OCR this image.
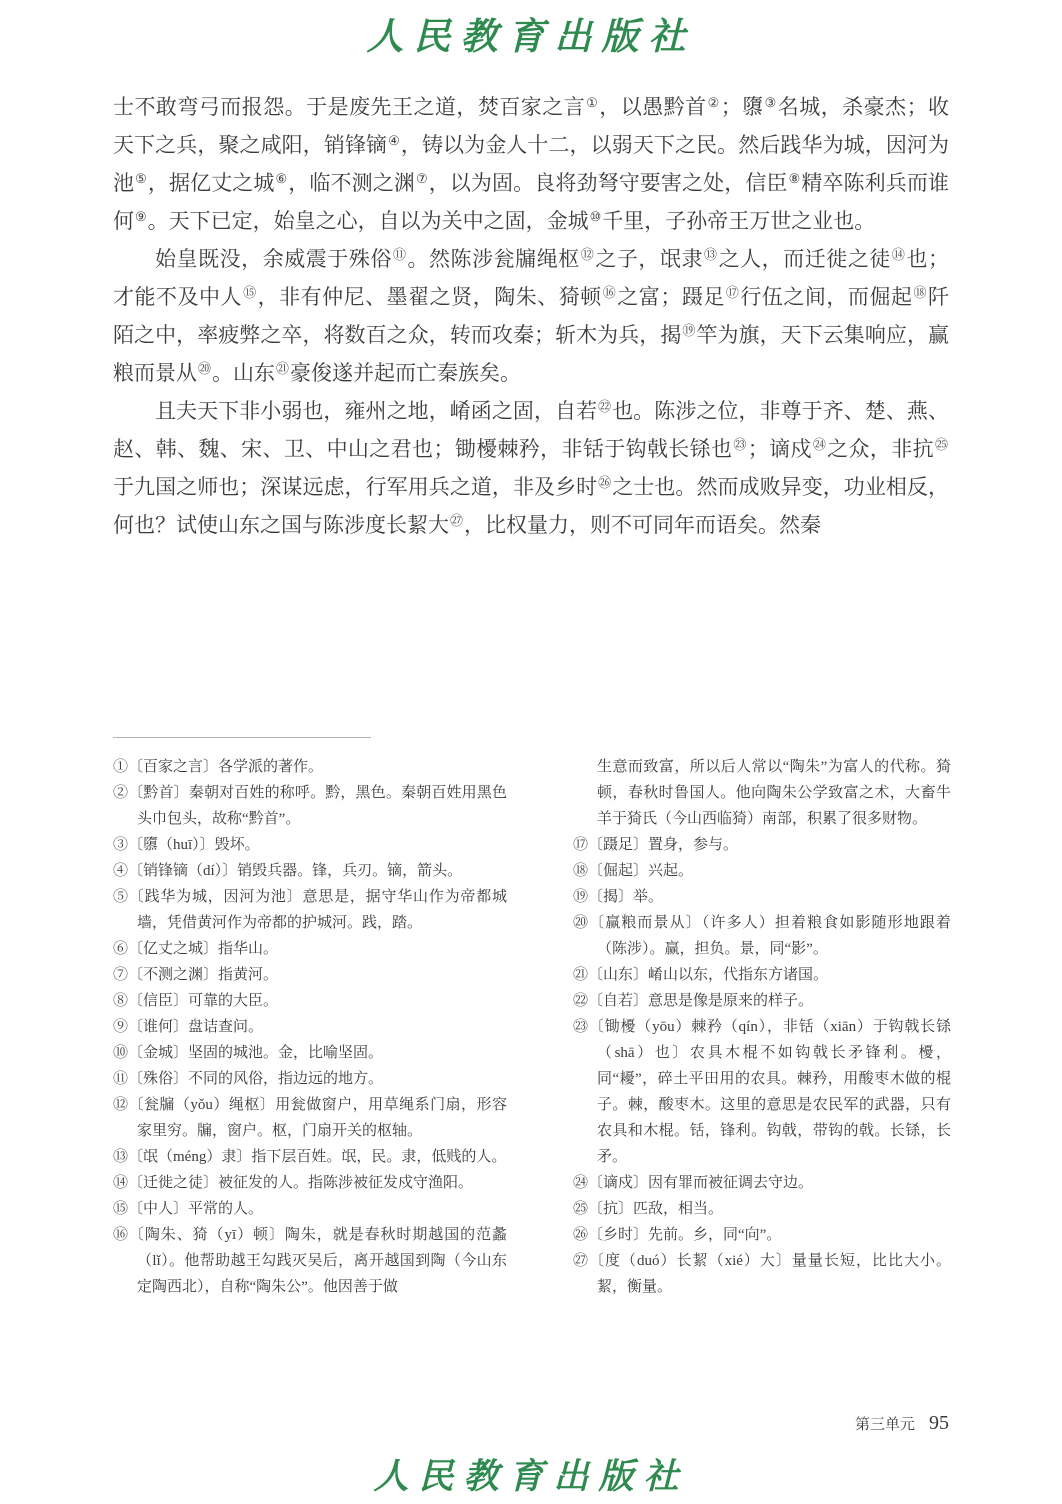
人民教育出版社

士不敢弯弓而报怨。于是废先王之道，焚百家之言①，以愚黔首②；隳③名城，杀豪杰；收天下之兵，聚之咸阳，销锋镝④，铸以为金人十二，以弱天下之民。然后践华为城，因河为池⑤，据亿丈之城⑥，临不测之渊⑦，以为固。良将劲弩守要害之处，信臣⑧精卒陈利兵而谁何⑨。天下已定，始皇之心，自以为关中之固，金城⑩千里，子孙帝王万世之业也。

始皇既没，余威震于殊俗⑪。然陈涉瓮牖绳枢⑫之子，氓隶⑬之人，而迁徙之徒⑭也；才能不及中人⑮，非有仲尼、墨翟之贤，陶朱、猗顿⑯之富；蹑足⑰行伍之间，而倔起⑱阡陌之中，率疲弊之卒，将数百之众，转而攻秦；斩木为兵，揭⑲竿为旗，天下云集响应，赢粮而景从⑳。山东$^㉑$豪俊遂并起而亡秦族矣。

且夫天下非小弱也，雍州之地，崤函之固，自若$^㉒$也。陈涉之位，非尊于齐、楚、燕、赵、韩、魏、宋、卫、中山之君也；锄櫌棘矜，非铦于钩戟长铩也$^㉓$；谪戍$^㉔$之众，非抗$^㉕$于九国之师也；深谋远虑，行军用兵之道，非及乡时$^㉖$之士也。然而成败异变，功业相反，何也？试使山东之国与陈涉度长絜大$^㉗$，比权量力，则不可同年而语矣。然秦

①〔百家之言〕各学派的著作。
②〔黔首〕秦朝对百姓的称呼。黔，黑色。秦朝百姓用黑色头巾包头，故称“黔首”。
③〔隳（huī）〕毁坏。
④〔销锋镝（dí）〕销毁兵器。锋，兵刃。镝，箭头。
⑤〔践华为城，因河为池〕意思是，据守华山作为帝都城墙，凭借黄河作为帝都的护城河。践，踏。
⑥〔亿丈之城〕指华山。
⑦〔不测之渊〕指黄河。
⑧〔信臣〕可靠的大臣。
⑨〔谁何〕盘诘查问。
⑩〔金城〕坚固的城池。金，比喻坚固。
⑪〔殊俗〕不同的风俗，指边远的地方。
⑫〔瓮牖（yǒu）绳枢〕用瓮做窗户，用草绳系门扇，形容家里穷。牖，窗户。枢，门扇开关的枢轴。
⑬〔氓（méng）隶〕指下层百姓。氓，民。隶，低贱的人。
⑭〔迁徙之徒〕被征发的人。指陈涉被征发戍守渔阳。
⑮〔中人〕平常的人。
⑯〔陶朱、猗（yī）顿〕陶朱，就是春秋时期越国的范蠡（lǐ）。他帮助越王勾践灭吴后，离开越国到陶（今山东定陶西北），自称“陶朱公”。他因善于做
生意而致富，所以后人常以“陶朱”为富人的代称。猗顿，春秋时鲁国人。他向陶朱公学致富之术，大畜牛羊于猗氏（今山西临猗）南部，积累了很多财物。
⑰〔蹑足〕置身，参与。
⑱〔倔起〕兴起。
⑲〔揭〕举。
⑳〔赢粮而景从〕（许多人）担着粮食如影随形地跟着（陈涉）。赢，担负。景，同“影”。
㉑〔山东〕崤山以东，代指东方诸国。
㉒〔自若〕意思是像是原来的样子。
㉓〔锄櫌（yōu）棘矜（qín），非铦（xiān）于钩戟长铩（shā）也〕农具木棍不如钩戟长矛锋利。櫌，同“耰”，碎土平田用的农具。棘矜，用酸枣木做的棍子。棘，酸枣木。这里的意思是农民军的武器，只有农具和木棍。铦，锋利。钩戟，带钩的戟。长铩，长矛。
㉔〔谪戍〕因有罪而被征调去守边。
㉕〔抗〕匹敌，相当。
㉖〔乡时〕先前。乡，同“向”。
㉗〔度（duó）长絜（xié）大〕量量长短，比比大小。絜，衡量。
第三单元 95
人民教育出版社
